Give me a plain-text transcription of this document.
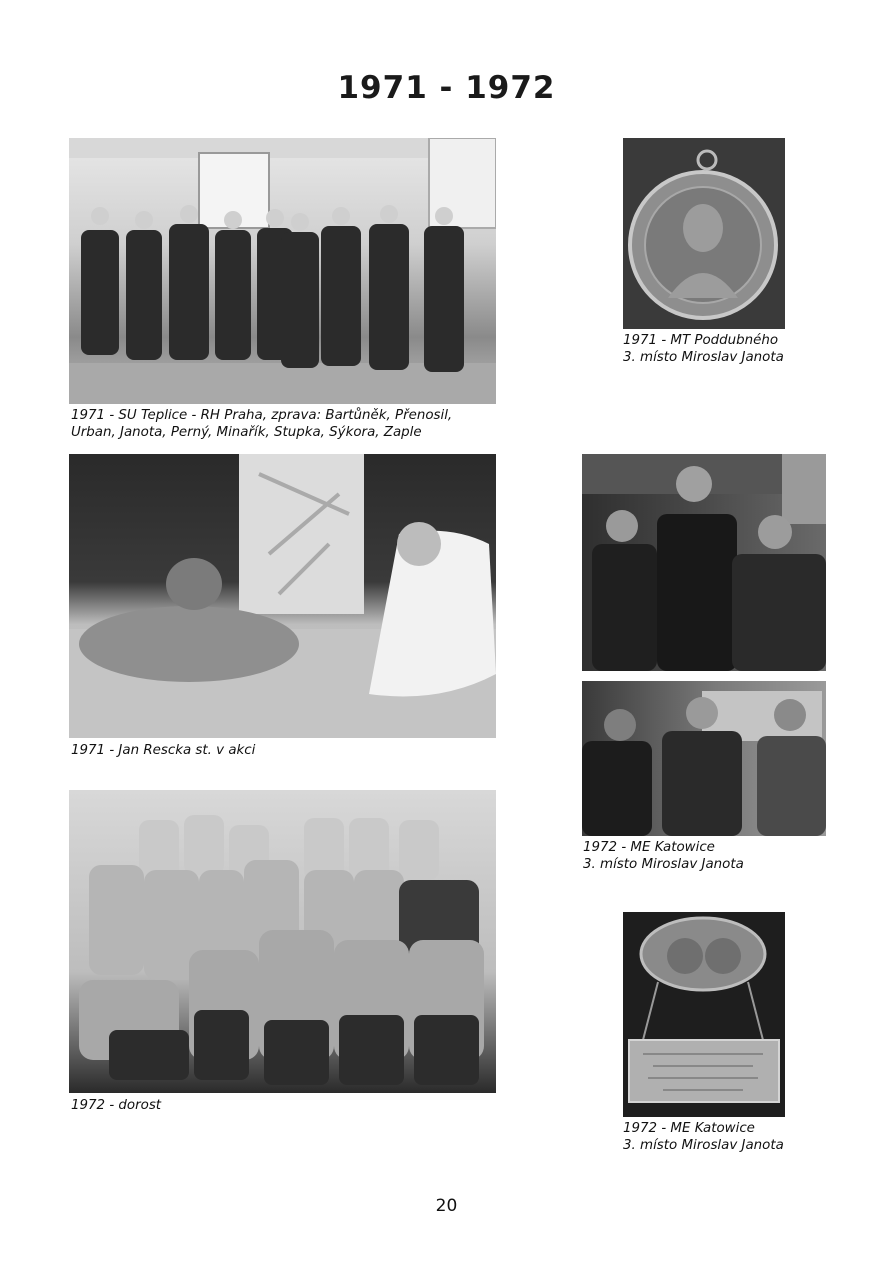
1971 - 1972
1971 - SU Teplice - RH Praha, zprava: Bartůněk, Přenosil,
Urban, Janota, Perný, Minařík, Stupka, Sýkora, Zaple
1971 - MT Poddubného
3. místo Miroslav Janota
1971 - Jan Rescka st. v akci
1972 - ME Katowice
3. místo Miroslav Janota
1972 - dorost
1972 - ME Katowice
3. místo Miroslav Janota
20
